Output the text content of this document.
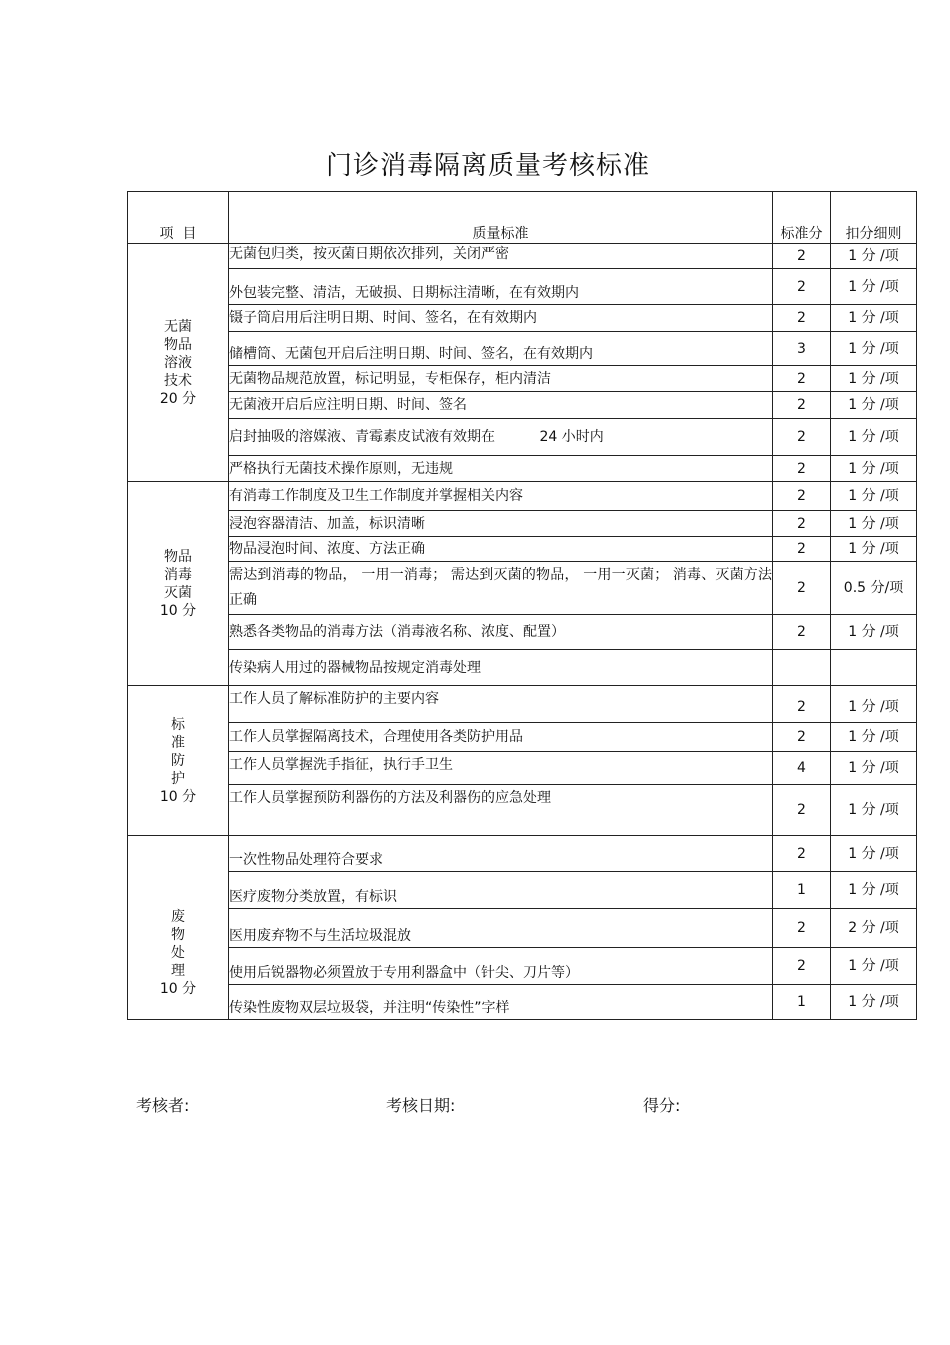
门诊消毒隔离质量考核标准
项  目	质量标准	标准分	扣分细则

无菌
物品
溶液
技术
20 分	无菌包归类，按灭菌日期依次排列，关闭严密	2	1 分 /项
	外包装完整、清洁，无破损、日期标注清晰，在有效期内	2	1 分 /项
	镊子筒启用后注明日期、时间、签名，在有效期内	2	1 分 /项
	储槽筒、无菌包开启后注明日期、时间、签名，在有效期内	3	1 分 /项
	无菌物品规范放置，标记明显，专柜保存，柜内清洁	2	1 分 /项
	无菌液开启后应注明日期、时间、签名	2	1 分 /项
	启封抽吸的溶媒液、青霉素皮试液有效期在          24 小时内	2	1 分 /项
	严格执行无菌技术操作原则，无违规	2	1 分 /项

物品
消毒
灭菌
10 分	有消毒工作制度及卫生工作制度并掌握相关内容	2	1 分 /项
	浸泡容器清洁、加盖，标识清晰	2	1 分 /项
	物品浸泡时间、浓度、方法正确	2	1 分 /项
	需达到消毒的物品， 一用一消毒； 需达到灭菌的物品， 一用一灭菌； 消毒、灭菌方法正确	2	0.5 分/项
	熟悉各类物品的消毒方法（消毒液名称、浓度、配置）	2	1 分 /项
	传染病人用过的器械物品按规定消毒处理		

标
准
防
护
10 分	工作人员了解标准防护的主要内容	2	1 分 /项
	工作人员掌握隔离技术，合理使用各类防护用品	2	1 分 /项
	工作人员掌握洗手指征，执行手卫生	4	1 分 /项
	工作人员掌握预防利器伤的方法及利器伤的应急处理	2	1 分 /项

废
物
处
理
10 分	一次性物品处理符合要求	2	1 分 /项
	医疗废物分类放置，有标识	1	1 分 /项
	医用废弃物不与生活垃圾混放	2	2 分 /项
	使用后锐器物必须置放于专用利器盒中（针尖、刀片等）	2	1 分 /项
	传染性废物双层垃圾袋，并注明“传染性”字样	1	1 分 /项
考核者:	考核日期:	得分:
